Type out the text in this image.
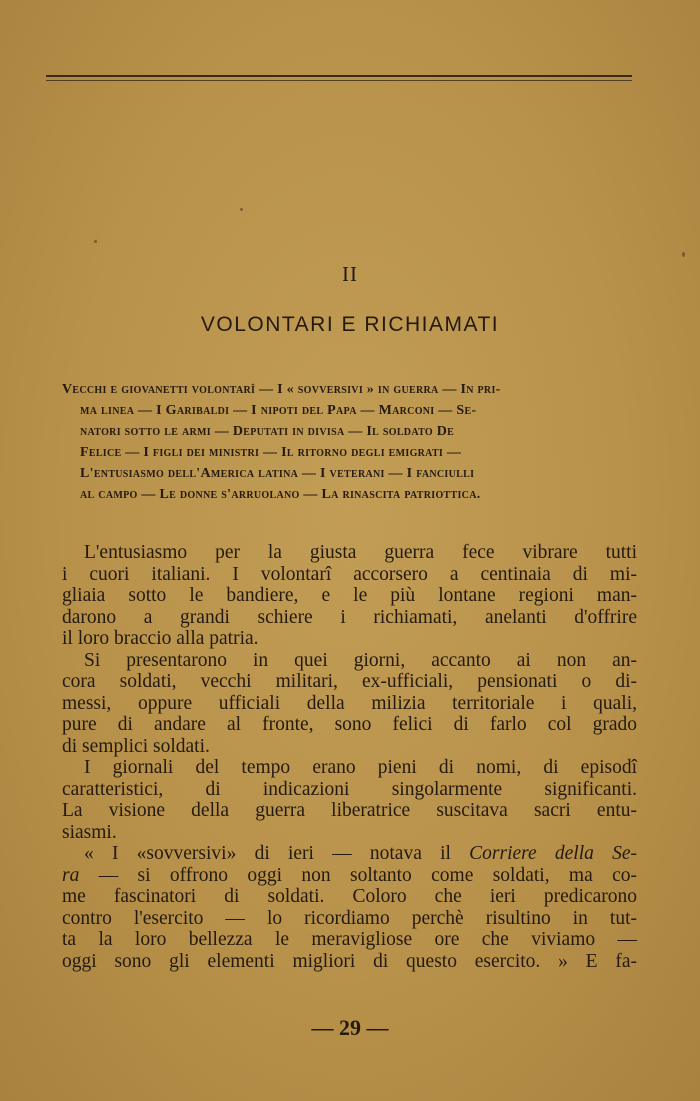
II
VOLONTARI E RICHIAMATI
Vecchi e giovanetti volontarî — I « sovversivi » in guerra — In pri-
ma linea — I Garibaldi — I nipoti del Papa — Marconi — Se-
natori sotto le armi — Deputati in divisa — Il soldato De
Felice — I figli dei ministri — Il ritorno degli emigrati —
L'entusiasmo dell'America latina — I veterani — I fanciulli
al campo — Le donne s'arruolano — La rinascita patriottica.
L'entusiasmo per la giusta guerra fece vibrare tutti
i cuori italiani. I volontarî accorsero a centinaia di mi-
gliaia sotto le bandiere, e le più lontane regioni man-
darono a grandi schiere i richiamati, anelanti d'offrire
il loro braccio alla patria.
Si presentarono in quei giorni, accanto ai non an-
cora soldati, vecchi militari, ex-ufficiali, pensionati o di-
messi, oppure ufficiali della milizia territoriale i quali,
pure di andare al fronte, sono felici di farlo col grado
di semplici soldati.
I giornali del tempo erano pieni di nomi, di episodî
caratteristici, di indicazioni singolarmente significanti.
La visione della guerra liberatrice suscitava sacri entu-
siasmi.
« I «sovversivi» di ieri — notava il Corriere della Se-
ra — si offrono oggi non soltanto come soldati, ma co-
me fascinatori di soldati. Coloro che ieri predicarono
contro l'esercito — lo ricordiamo perchè risultino in tut-
ta la loro bellezza le meravigliose ore che viviamo —
oggi sono gli elementi migliori di questo esercito. » E fa-
— 29 —
